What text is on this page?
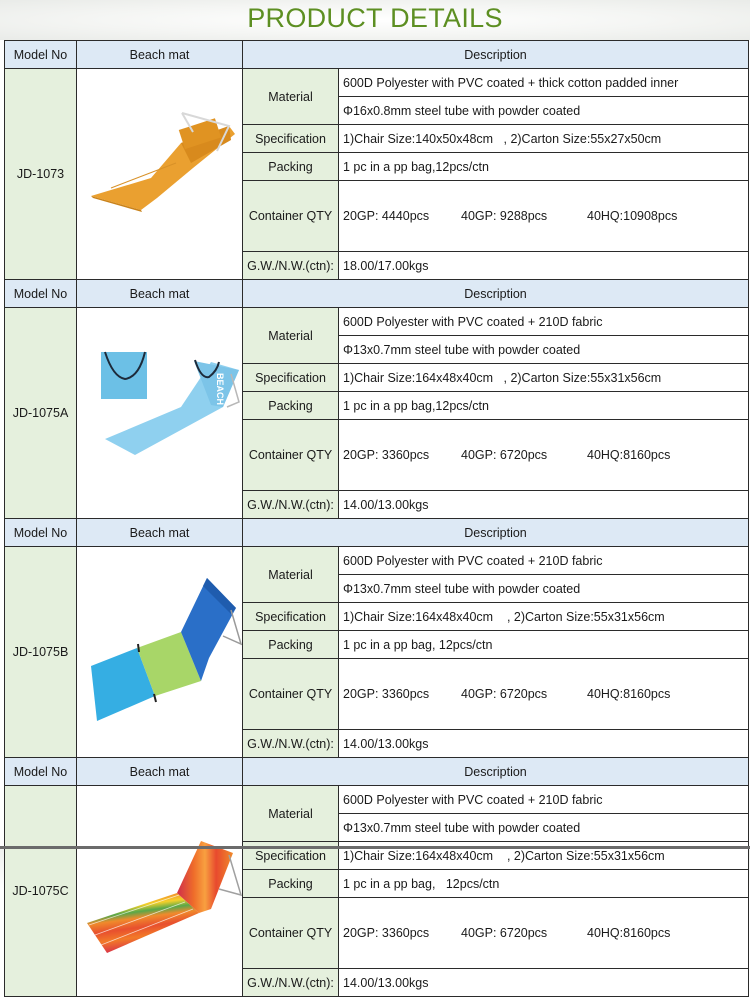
PRODUCT DETAILS
Model No	Beach mat	Description	
JD-1073		Material	600D Polyester with PVC coated + thick cotton padded inner
			Φ16x0.8mm steel tube with powder coated
		Specification	1)Chair Size:140x50x48cm   , 2)Carton Size:55x27x50cm
		Packing	1 pc in a pp bag,12pcs/ctn
		Container QTY	20GP: 4440pcs 40GP: 9288pcs 40HQ:10908pcs

		G.W./N.W.(ctn):	18.00/17.00kgs
Model No	Beach mat	Description	
JD-1075A	BEACH	Material	600D Polyester with PVC coated + 210D fabric
			Φ13x0.7mm steel tube with powder coated
		Specification	1)Chair Size:164x48x40cm   , 2)Carton Size:55x31x56cm
		Packing	1 pc in a pp bag,12pcs/ctn
		Container QTY	20GP: 3360pcs 40GP: 6720pcs 40HQ:8160pcs

		G.W./N.W.(ctn):	14.00/13.00kgs
Model No	Beach mat	Description	
JD-1075B		Material	600D Polyester with PVC coated + 210D fabric
			Φ13x0.7mm steel tube with powder coated
		Specification	1)Chair Size:164x48x40cm    , 2)Carton Size:55x31x56cm
		Packing	1 pc in a pp bag, 12pcs/ctn
		Container QTY	20GP: 3360pcs 40GP: 6720pcs 40HQ:8160pcs

		G.W./N.W.(ctn):	14.00/13.00kgs
Model No	Beach mat	Description	
JD-1075C		Material	600D Polyester with PVC coated + 210D fabric
			Φ13x0.7mm steel tube with powder coated
		Specification	1)Chair Size:164x48x40cm    , 2)Carton Size:55x31x56cm
		Packing	1 pc in a pp bag,   12pcs/ctn
		Container QTY	20GP: 3360pcs 40GP: 6720pcs 40HQ:8160pcs

		G.W./N.W.(ctn):	14.00/13.00kgs
